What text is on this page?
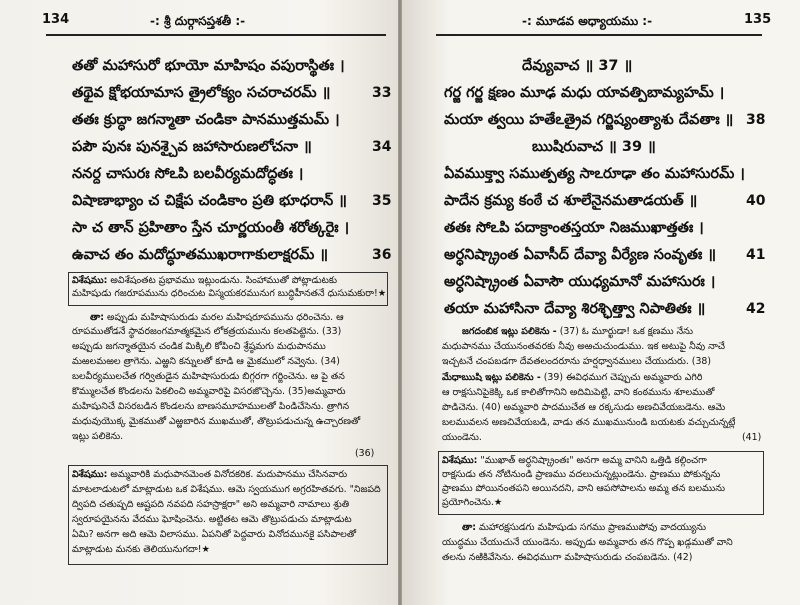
134	-: శ్రీ దుర్గాసప్తశతీ :-
తతో మహాసురో భూయో మాహిషం వపురాస్థితః ।
తథైవ క్షోభయామాస త్రైలోక్యం సచరాచరమ్ ॥	33
తతః క్రుద్ధా జగన్మాతా చండికా పానముత్తమమ్ ।
పపౌ పునః పునశ్చైవ జహాసారుణలోచనా ॥	34
ననర్ద చాసురః సోఽపి బలవీర్యమదోద్ధతః ।
విషాణాభ్యాం చ చిక్షేప చండికాం ప్రతి భూధరాన్ ॥ 35
సా చ తాన్ ప్రహితాం స్తేన చూర్ణయంతీ శరోత్కరైః ।
ఉవాచ తం మదోద్ధూతముఖరాగాకులాక్షరమ్ ॥	36
విశేషము: అవిశేషంతట ప్రభావము ఇట్లుండును. సింహాముతో పోట్లాడుటకు
మహిషుడు గజరూపమును ధరించుట విస్మయకరమునుగ బుద్ధిహీనతనే ధుసుమకురా!★
తా: అప్పుడు మహిషాసురుడు మరల మహిషరూపమును ధరించెను. ఆ
రూపముతోడనే స్థావరజంగమాత్మకమైన లోకత్రయమును కలతపెట్టెను. (33)
అప్పుడు జగన్మాతయైన చండిక మిక్కిలి కోపించి శ్రేష్ఠమగు మధుపానము
మఱలమఱల త్రాగెను. ఎఱ్ఱని కన్నులతో కూడి ఆ మైకములో నవ్వెను. (34)
బలవీర్యములచేత గర్వితుడైన మహిషాసురుడు బిగ్గరగా గర్జించెను. ఆ పై తన
కొమ్ములచేత కొండలను పెకలించి అమ్మవారిపై విసరజొచ్చెను. (35)అమ్మవారు
మహిషునిచే విసరబడిన కొండలను బాణసమూహములతో పిండిచేసెను. త్రాగిన
మధువుయొక్క మైకముతో ఎఱ్ఱబారిన ముఖముతో, తొట్రుపడుచున్న ఉచ్చారణతో
ఇట్లు పలికెను.
(36)
విశేషము: అమ్మవారికి మధుపానమెంత వినోదకరిక. మదుపానము చేసినవారు
మాటలాడుటలో మాట్లాడుట ఒక విశేషము. ఆమె స్వయముగ అగ్రరహితవగు. "నిజపది
ద్విపది చతుష్పది ఆష్టపది నవపది సహస్రాక్షరా" అని అమ్మవారి నామాలు శ్రుతి
స్వరూపయైనను వేదము ఘోషించెను. అట్టితట ఆమె తొట్రుపడుచు మాట్లాడుట
ఏమి? అనగా అది ఆమె విలాసము. ఏపనితో పెద్దవారు వినోదమునకై పసిపాలతో
మాట్లాడుట మనకు తెలియునుగదా!★
-: మూడవ అధ్యాయము :-	135
దేవ్యువాచ ॥ 37 ॥
గర్జ గర్జ క్షణం మూఢ మధు యావత్పిబామ్యహమ్ ।
మయా త్వయి హతేఽత్రైవ గర్జిష్యంత్యాశు దేవతాః ॥ 38
ఋషిరువాచ ॥ 39 ॥
ఏవముక్త్వా సముత్పత్య సాఽరూఢా తం మహాసురమ్ ।
పాదేన క్రమ్య కంఠే చ శూలేనైనమతాడయత్ ॥	40
తతః సోఽపి పదాక్రాంతస్తయా నిజముఖాత్తతః ।
అర్ధనిష్క్రాంత ఏవాసీద్ దేవ్యా వీర్యేణ సంవృతః ॥ 41
అర్ధనిష్క్రాంత ఏవాసౌ యుధ్యమానో మహాసురః ।
తయా మహాసినా దేవ్యా శిరశ్ఛిత్త్వా నిపాతితః ॥	42
జగదంబిక ఇట్లు పలికెను - (37) ఓ మూర్ఖుడా! ఒక క్షణము నేను
మధుపానము చేయునంతవరకు నీవు అఱచుచుండుము. ఇక అటుపై నీవు నాచే
ఇచ్చటనే చంపబడగా దేవతలందరూను హర్షధ్వానములు చేయుదురు. (38)
మేధాఋషి ఇట్లు పలికెను - (39) ఈవిధముగ చెప్పుచు అమ్మవారు ఎగిరి
ఆ రాక్షసునిపైకెక్కి ఒక కాలితోగానిని అదిమిపెట్టి, వాని కంఠమును శూలముతో
పొడిచెను. (40) అమ్మవారి పాదముచేత ఆ రక్కసుడు అణచివేయబడెను. ఆమె
బలమువలన అణచివేయబడి, వాడు తన ముఖమునుండి బయటకు వచ్చుచున్నట్లే
యుండెను.	(41)
విశేషము: "ముఖాత్ అర్ధనిష్క్రాంతః" అనగా అమ్మ వానిని ఒత్తిడి కల్గించగా
రాక్షసుడు తన నోటినుండి ప్రాణము వదలుచున్నట్లుండెను. ప్రాణము పోకున్నను
ప్రాణము పోయినంతపని అయినదని, వాని ఆపసోపాలను అమ్మ తన బలమును
ప్రయోగించెను.★
తా: మహారక్షసుడగు మహిషుడు సగము ప్రాణముపోవు వాదయ్యును
యుద్ధము చేయుచునే యుండెను. అప్పుడు అమ్మవారు తన గొప్ప ఖడ్గముతో వాని
తలను నఱికివేసెను. ఈవిధముగా మహిషాసురుడు చంపబడెను. (42)
